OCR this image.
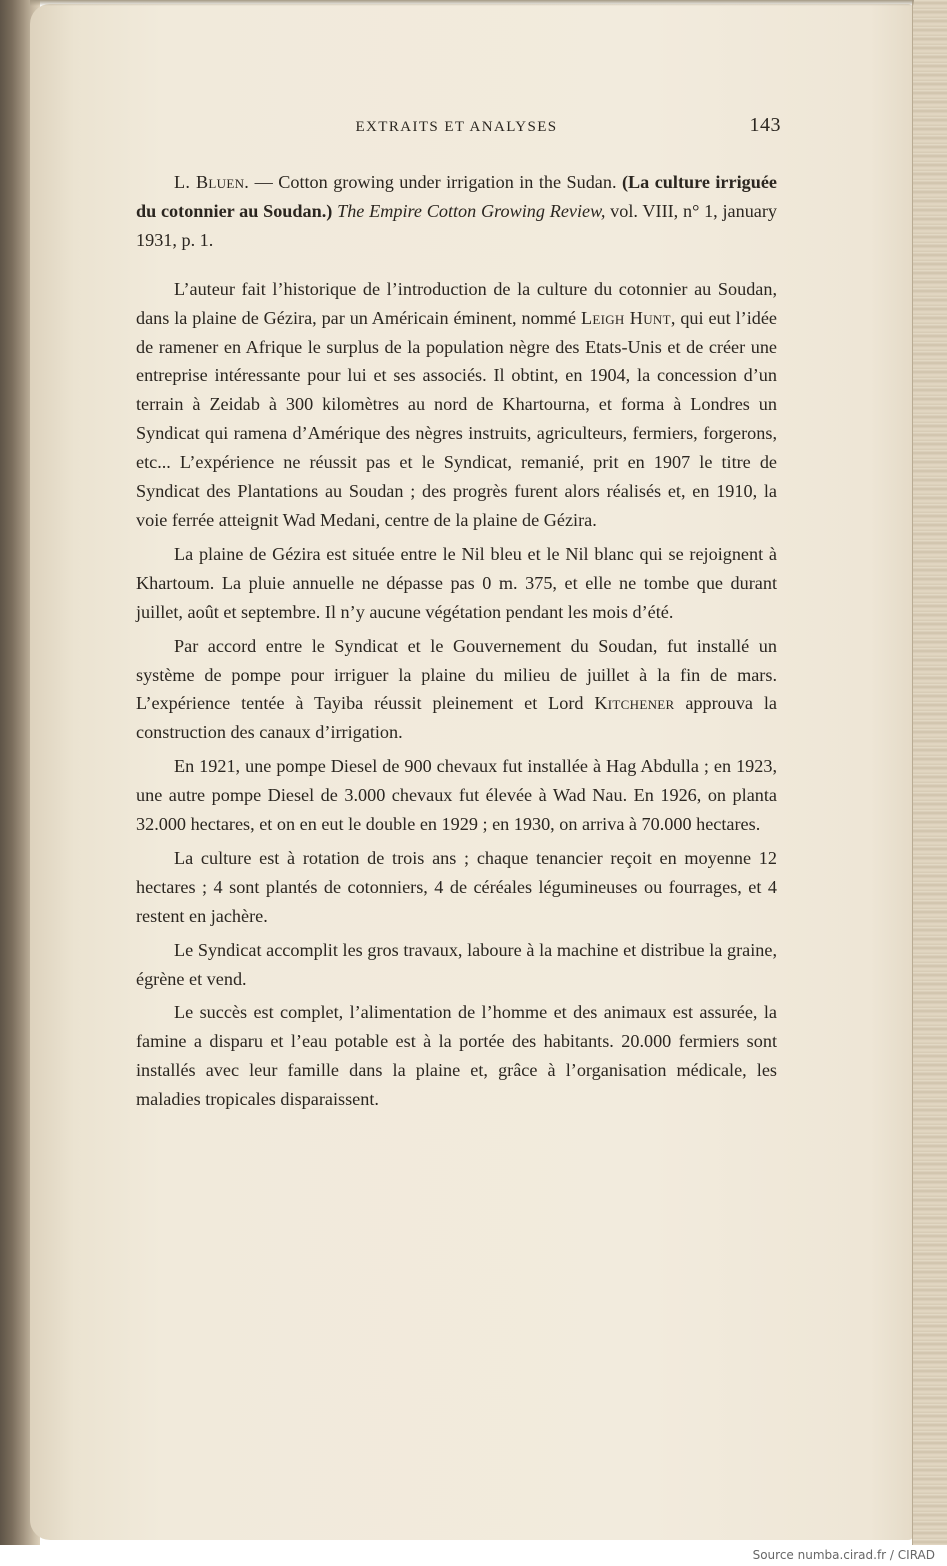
EXTRAITS ET ANALYSES	143

L. Bluen. — Cotton growing under irrigation in the Sudan. (La culture irriguée du cotonnier au Soudan.) The Empire Cotton Growing Review, vol. VIII, n° 1, january 1931, p. 1.

L’auteur fait l’historique de l’introduction de la culture du cotonnier au Soudan, dans la plaine de Gézira, par un Américain éminent, nommé Leigh Hunt, qui eut l’idée de ramener en Afrique le surplus de la population nègre des Etats-Unis et de créer une entreprise intéressante pour lui et ses associés. Il obtint, en 1904, la concession d’un terrain à Zeidab à 300 kilomètres au nord de Khartourna, et forma à Londres un Syndicat qui ramena d’Amérique des nègres instruits, agriculteurs, fermiers, forgerons, etc... L’expérience ne réussit pas et le Syndicat, remanié, prit en 1907 le titre de Syndicat des Plantations au Soudan ; des progrès furent alors réalisés et, en 1910, la voie ferrée atteignit Wad Medani, centre de la plaine de Gézira.

La plaine de Gézira est située entre le Nil bleu et le Nil blanc qui se rejoignent à Khartoum. La pluie annuelle ne dépasse pas 0 m. 375, et elle ne tombe que durant juillet, août et septembre. Il n’y aucune végétation pendant les mois d’été.

Par accord entre le Syndicat et le Gouvernement du Soudan, fut installé un système de pompe pour irriguer la plaine du milieu de juillet à la fin de mars. L’expérience tentée à Tayiba réussit pleinement et Lord Kitchener approuva la construction des canaux d’irrigation.

En 1921, une pompe Diesel de 900 chevaux fut installée à Hag Abdulla ; en 1923, une autre pompe Diesel de 3.000 chevaux fut élevée à Wad Nau. En 1926, on planta 32.000 hectares, et on en eut le double en 1929 ; en 1930, on arriva à 70.000 hectares.

La culture est à rotation de trois ans ; chaque tenancier reçoit en moyenne 12 hectares ; 4 sont plantés de cotonniers, 4 de céréales légumineuses ou fourrages, et 4 restent en jachère.

Le Syndicat accomplit les gros travaux, laboure à la machine et distribue la graine, égrène et vend.

Le succès est complet, l’alimentation de l’homme et des animaux est assurée, la famine a disparu et l’eau potable est à la portée des habitants. 20.000 fermiers sont installés avec leur famille dans la plaine et, grâce à l’organisation médicale, les maladies tropicales disparaissent.

Source numba.cirad.fr / CIRAD
